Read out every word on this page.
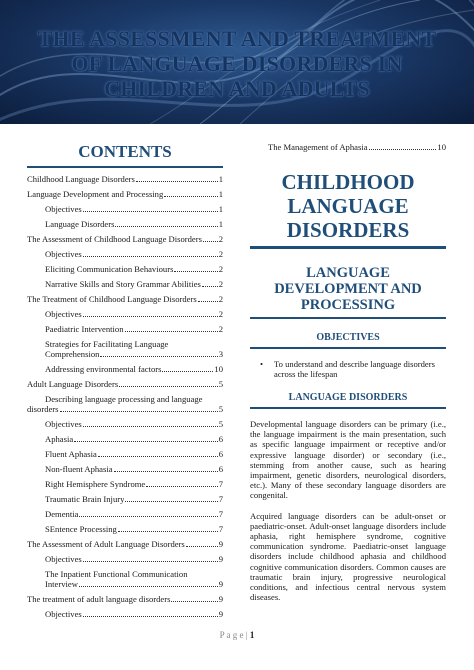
THE ASSESSMENT AND TREATMENT
OF LANGUAGE DISORDERS IN
CHILDREN AND ADULTS
CONTENTS
Childhood Language Disorders	1
Language Development and Processing	1
Objectives	1
Language Disorders	1
The Assessment of Childhood Language Disorders 2
Objectives	2
Eliciting Communication Behaviours	2
Narrative Skills and Story Grammar Abilities 2
The Treatment of Childhood Language Disorders	2
Objectives	2
Paediatric Intervention	2
Strategies for Facilitating Language
Comprehension	3
Addressing environmental factors	10
Adult Language Disorders	5
Describing language processing and language
disorders	5
Objectives	5
Aphasia	6
Fluent Aphasia	6
Non-fluent Aphasia	6
Right Hemisphere Syndrome	7
Traumatic Brain Injury	7
Dementia	7
SEntence Processing	7
The Assessment of Adult Language Disorders	9
Objectives	9
The Inpatient Functional Communication
Interview	9
The treatment of adult language disorders	9
Objectives	9
The Management of Aphasia	10
CHILDHOOD
LANGUAGE
DISORDERS
LANGUAGE
DEVELOPMENT AND
PROCESSING
OBJECTIVES
•	To understand and describe language disorders across the lifespan
LANGUAGE DISORDERS

Developmental language disorders can be primary (i.e., the language impairment is the main presentation, such as specific language impairment or receptive and/or expressive language disorder) or secondary (i.e., stemming from another cause, such as hearing impairment, genetic disorders, neurological disorders, etc.). Many of these secondary language disorders are congenital.

Acquired language disorders can be adult-onset or paediatric-onset. Adult-onset language disorders include aphasia, right hemisphere syndrome, cognitive communication syndrome. Paediatric-onset language disorders include childhood aphasia and childhood cognitive communication disorders. Common causes are traumatic brain injury, progressive neurological conditions, and infectious central nervous system diseases.

P a g e | 1
